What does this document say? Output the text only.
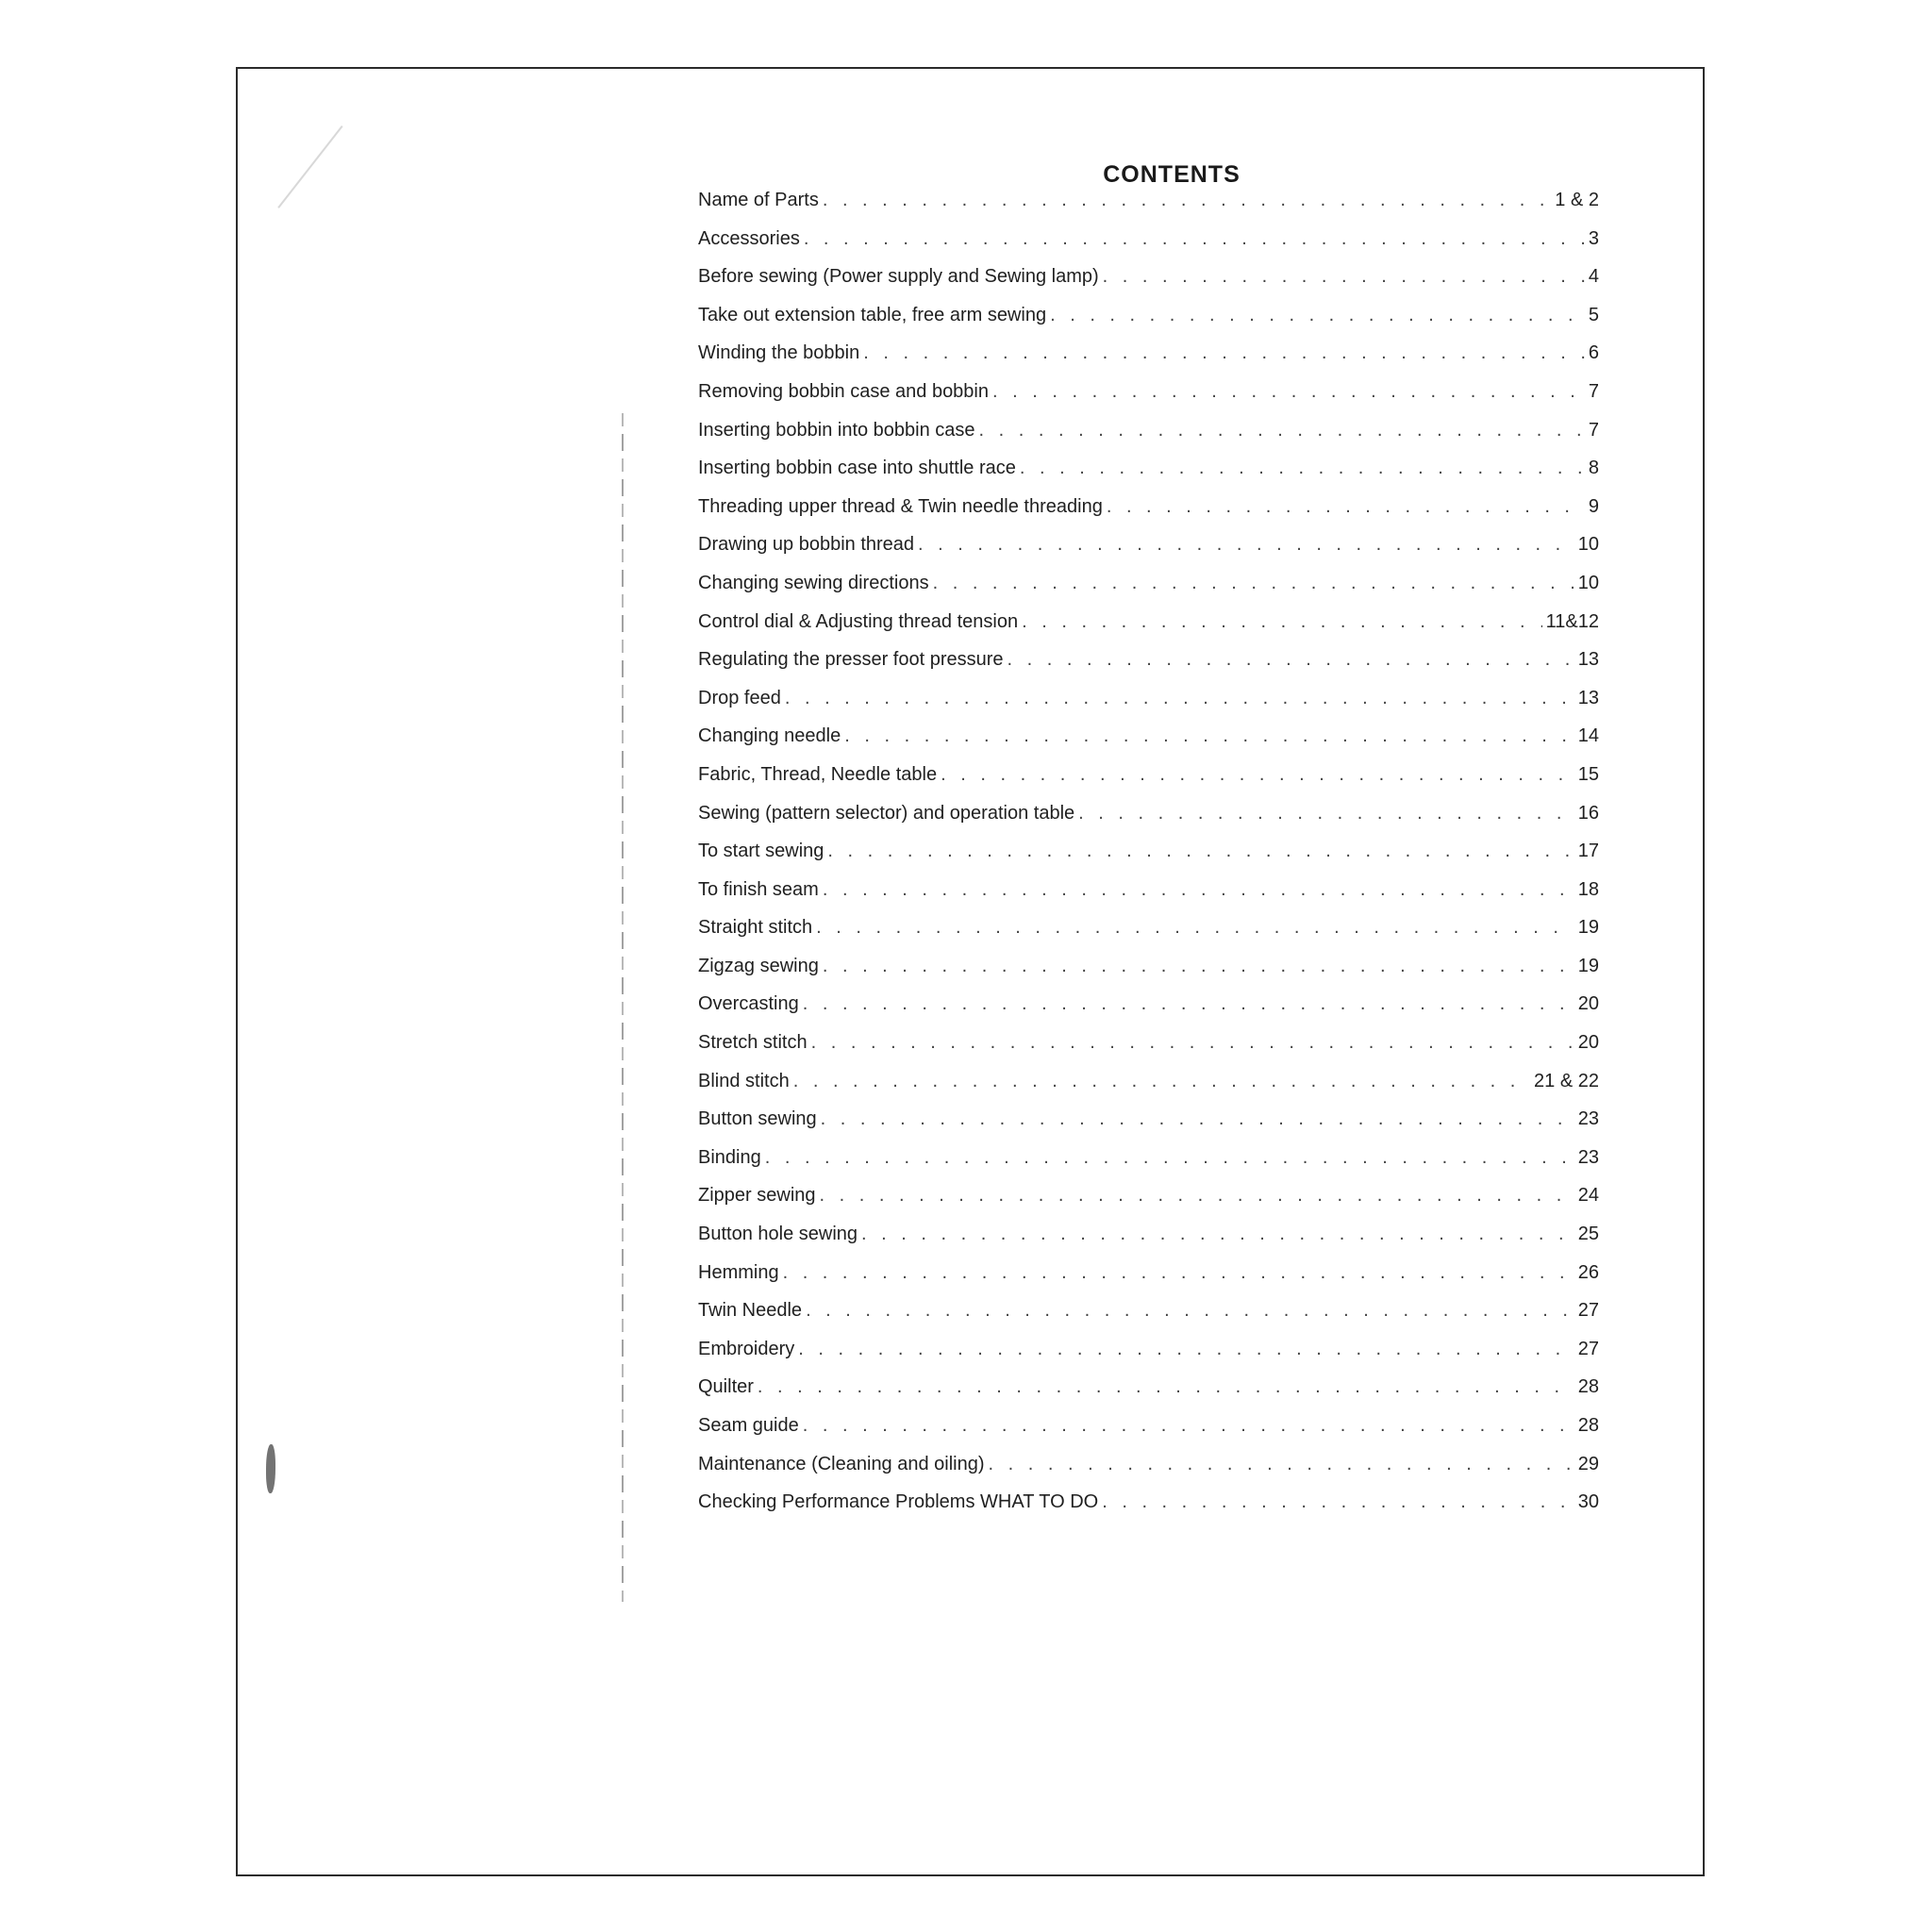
CONTENTS
Name of Parts . . .	1 & 2
Accessories . . .	3
Before sewing (Power supply and Sewing lamp) . . .	4
Take out extension table, free arm sewing . . .	5
Winding the bobbin . . .	6
Removing bobbin case and bobbin . . .	7
Inserting bobbin into bobbin case . . .	7
Inserting bobbin case into shuttle race . . .	8
Threading upper thread & Twin needle threading . . .	9
Drawing up bobbin thread . . .	10
Changing sewing directions . . .	10
Control dial & Adjusting thread tension . . .	11&12
Regulating the presser foot pressure . . .	13
Drop feed . . .	13
Changing needle . . .	14
Fabric, Thread, Needle table . . .	15
Sewing (pattern selector) and operation table . . .	16
To start sewing . . .	17
To finish seam . . .	18
Straight stitch . . .	19
Zigzag sewing . . .	19
Overcasting . . .	20
Stretch stitch . . .	20
Blind stitch . . .	21 & 22
Button sewing . . .	23
Binding . . .	23
Zipper sewing . . .	24
Button hole sewing . . .	25
Hemming . . .	26
Twin Needle . . .	27
Embroidery . . .	27
Quilter . . .	28
Seam guide . . .	28
Maintenance (Cleaning and oiling) . . .	29
Checking Performance Problems WHAT TO DO . . .	30
